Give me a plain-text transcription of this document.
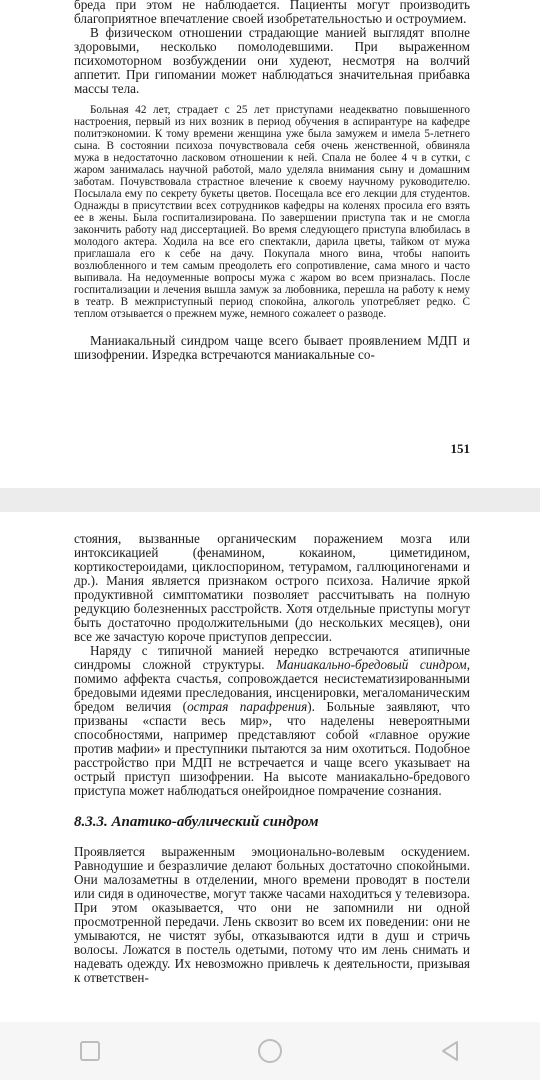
бреда при этом не наблюдается. Пациенты могут производить благоприятное впечатление своей изобретательностью и остроумием.

В физическом отношении страдающие манией выглядят вполне здоровыми, несколько помолодевшими. При выраженном психомоторном возбуждении они худеют, несмотря на волчий аппетит. При гипомании может наблюдаться значительная прибавка массы тела.

Больная 42 лет, страдает с 25 лет приступами неадекватно повышенного настроения, первый из них возник в период обучения в аспирантуре на кафедре политэкономии. К тому времени женщина уже была замужем и имела 5-летнего сына. В состоянии психоза почувствовала себя очень женственной, обвиняла мужа в недостаточно ласковом отношении к ней. Спала не более 4 ч в сутки, с жаром занималась научной работой, мало уделяла внимания сыну и домашним заботам. Почувствовала страстное влечение к своему научному руководителю. Посылала ему по секрету букеты цветов. Посещала все его лекции для студентов. Однажды в присутствии всех сотрудников кафедры на коленях просила его взять ее в жены. Была госпитализирована. По завершении приступа так и не смогла закончить работу над диссертацией. Во время следующего приступа влюбилась в молодого актера. Ходила на все его спектакли, дарила цветы, тайком от мужа приглашала его к себе на дачу. Покупала много вина, чтобы напоить возлюбленного и тем самым преодолеть его сопротивление, сама много и часто выпивала. На недоуменные вопросы мужа с жаром во всем призналась. После госпитализации и лечения вышла замуж за любовника, перешла на работу к нему в театр. В межприступный период спокойна, алкоголь употребляет редко. С теплом отзывается о прежнем муже, немного сожалеет о разводе.

Маниакальный синдром чаще всего бывает проявлением МДП и шизофрении. Изредка встречаются маниакальные со-

151

стояния, вызванные органическим поражением мозга или интоксикацией (фенамином, кокаином, циметидином, кортикостероидами, циклоспорином, тетурамом, галлюциногенами и др.). Мания является признаком острого психоза. Наличие яркой продуктивной симптоматики позволяет рассчитывать на полную редукцию болезненных расстройств. Хотя отдельные приступы могут быть достаточно продолжительными (до нескольких месяцев), они все же зачастую короче приступов депрессии.

Наряду с типичной манией нередко встречаются атипичные синдромы сложной структуры. Маниакально-бредовый синдром, помимо аффекта счастья, сопровождается несистематизированными бредовыми идеями преследования, инсценировки, мегаломаническим бредом величия (острая парафрения). Больные заявляют, что призваны «спасти весь мир», что наделены невероятными способностями, например представляют собой «главное оружие против мафии» и преступники пытаются за ним охотиться. Подобное расстройство при МДП не встречается и чаще всего указывает на острый приступ шизофрении. На высоте маниакально-бредового приступа может наблюдаться онейроидное помрачение сознания.

8.3.3. Апатико-абулический синдром

Проявляется выраженным эмоционально-волевым оскудением. Равнодушие и безразличие делают больных достаточно спокойными. Они малозаметны в отделении, много времени проводят в постели или сидя в одиночестве, могут также часами находиться у телевизора. При этом оказывается, что они не запомнили ни одной просмотренной передачи. Лень сквозит во всем их поведении: они не умываются, не чистят зубы, отказываются идти в душ и стричь волосы. Ложатся в постель одетыми, потому что им лень снимать и надевать одежду. Их невозможно привлечь к деятельности, призывая к ответствен-
